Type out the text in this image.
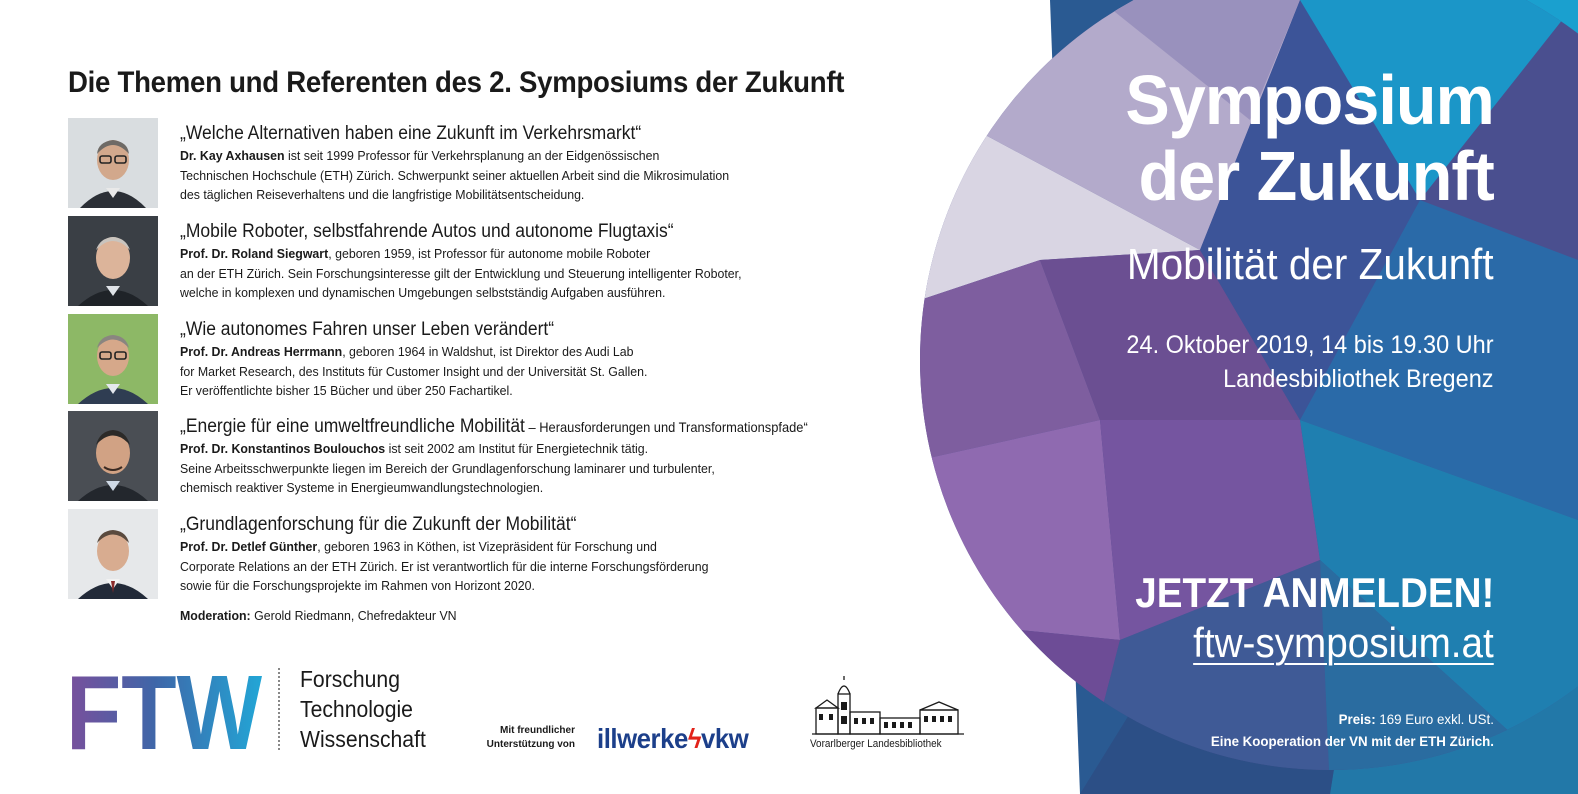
Die Themen und Referenten des 2. Symposiums der Zukunft
„Welche Alternativen haben eine Zukunft im Verkehrsmarkt“
Dr. Kay Axhausen ist seit 1999 Professor für Verkehrsplanung an der Eidgenössischen
Technischen Hochschule (ETH) Zürich. Schwerpunkt seiner aktuellen Arbeit sind die Mikrosimulation
des täglichen Reiseverhaltens und die langfristige Mobilitätsentscheidung.
„Mobile Roboter, selbstfahrende Autos und autonome Flugtaxis“
Prof. Dr. Roland Siegwart, geboren 1959, ist Professor für autonome mobile Roboter
an der ETH Zürich. Sein Forschungsinteresse gilt der Entwicklung und Steuerung intelligenter Roboter,
welche in komplexen und dynamischen Umgebungen selbstständig Aufgaben ausführen.
„Wie autonomes Fahren unser Leben verändert“
Prof. Dr. Andreas Herrmann, geboren 1964 in Waldshut, ist Direktor des Audi Lab
for Market Research, des Instituts für Customer Insight und der Universität St. Gallen.
Er veröffentlichte bisher 15 Bücher und über 250 Fachartikel.
„Energie für eine umweltfreundliche Mobilität – Herausforderungen und Transformationspfade“
Prof. Dr. Konstantinos Boulouchos ist seit 2002 am Institut für Energietechnik tätig.
Seine Arbeitsschwerpunkte liegen im Bereich der Grundlagenforschung laminarer und turbulenter,
chemisch reaktiver Systeme in Energieumwandlungstechnologien.
„Grundlagenforschung für die Zukunft der Mobilität“
Prof. Dr. Detlef Günther, geboren 1963 in Köthen, ist Vizepräsident für Forschung und
Corporate Relations an der ETH Zürich. Er ist verantwortlich für die interne Forschungsförderung
sowie für die Forschungsprojekte im Rahmen von Horizont 2020.
Moderation: Gerold Riedmann, Chefredakteur VN
FTW Forschung
Technologie
Wissenschaft	Mit freundlicher
Unterstützung von illwerkeϟvkw	Vorarlberger Landesbibliothek
Symposium
der Zukunft
Mobilität der Zukunft
24. Oktober 2019, 14 bis 19.30 Uhr
Landesbibliothek Bregenz
JETZT ANMELDEN!
ftw-symposium.at
Preis: 169 Euro exkl. USt.
Eine Kooperation der VN mit der ETH Zürich.
